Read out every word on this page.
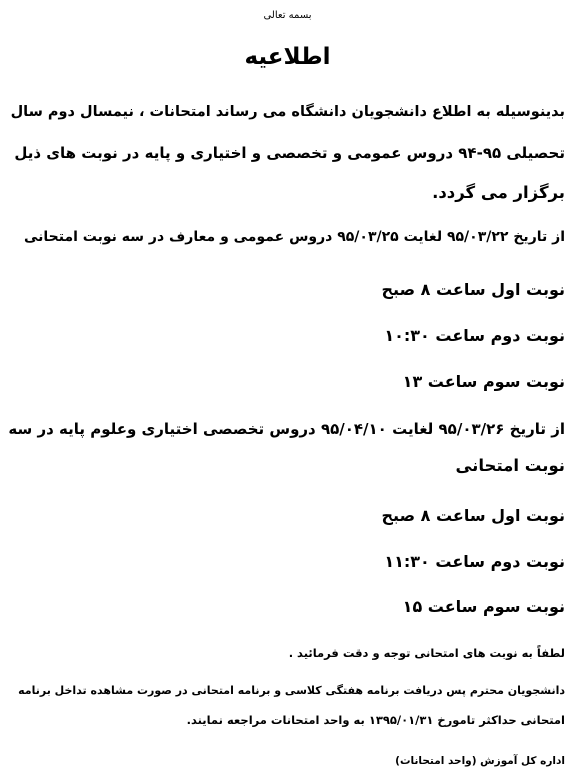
بسمه تعالی
اطلاعیه
بدینوسیله به اطلاع دانشجویان دانشگاه می رساند امتحانات ، نیمسال دوم سال
تحصیلی ۹۵-۹۴ دروس عمومی و تخصصی و اختیاری و پایه در نوبت های ذیل
برگزار می گردد.
از تاریخ ۹۵/۰۳/۲۲ لغایت ۹۵/۰۳/۲۵ دروس عمومی و معارف در سه نوبت امتحانی
نوبت اول ساعت ۸ صبح
نوبت دوم ساعت ۱۰:۳۰
نوبت سوم ساعت ۱۳
از تاریخ ۹۵/۰۳/۲۶ لغایت ۹۵/۰۴/۱۰ دروس تخصصی اختیاری وعلوم پایه در سه
نوبت امتحانی
نوبت اول ساعت ۸ صبح
نوبت دوم ساعت ۱۱:۳۰
نوبت سوم ساعت ۱۵
لطفاً به نوبت های امتحانی توجه و دقت فرمائید .
دانشجویان محترم پس دریافت برنامه هفتگی کلاسی و برنامه امتحانی در صورت مشاهده تداخل برنامه
امتحانی حداکثر تامورخ ۱۳۹۵/۰۱/۳۱ به واحد امتحانات مراجعه نمایند.
اداره کل آموزش (واحد امتحانات)
